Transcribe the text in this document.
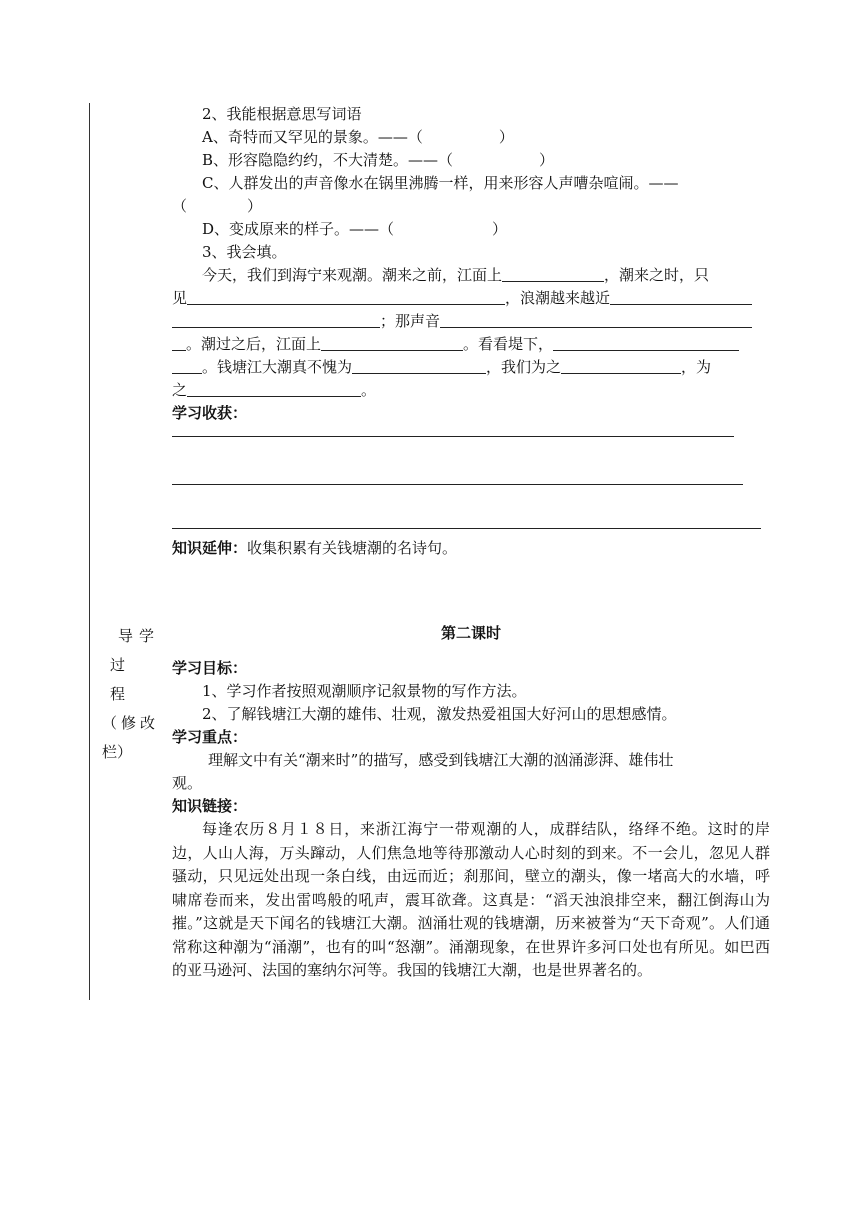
导学
过程
（修改
栏）
2、我能根据意思写词语
A、奇特而又罕见的景象。——（	）
B、形容隐隐约约，不大清楚。——（	）
C、人群发出的声音像水在锅里沸腾一样，用来形容人声嘈杂喧闹。——
（	）
D、变成原来的样子。——（	）
3、我会填。
今天，我们到海宁来观潮。潮来之前，江面上	，潮来之时，只
见	，浪潮越来越近
；那声音
。潮过之后，江面上	。看看堤下，
。钱塘江大潮真不愧为	，我们为之	，为
之	。
学习收获：
知识延伸：收集积累有关钱塘潮的名诗句。
第二课时
学习目标：
1、学习作者按照观潮顺序记叙景物的写作方法。
2、了解钱塘江大潮的雄伟、壮观，激发热爱祖国大好河山的思想感情。
学习重点：
理解文中有关“潮来时”的描写，感受到钱塘江大潮的汹涌澎湃、雄伟壮
观。
知识链接：
每逢农历８月１８日，来浙江海宁一带观潮的人，成群结队，络绎不绝。这时的岸边，人山人海，万头蹿动，人们焦急地等待那激动人心时刻的到来。不一会儿，忽见人群骚动，只见远处出现一条白线，由远而近；刹那间，壁立的潮头，像一堵高大的水墙，呼啸席卷而来，发出雷鸣般的吼声，震耳欲聋。这真是：“滔天浊浪排空来，翻江倒海山为摧。”这就是天下闻名的钱塘江大潮。汹涌壮观的钱塘潮，历来被誉为“天下奇观”。人们通常称这种潮为“涌潮”，也有的叫“怒潮”。涌潮现象，在世界许多河口处也有所见。如巴西的亚马逊河、法国的塞纳尔河等。我国的钱塘江大潮，也是世界著名的。
